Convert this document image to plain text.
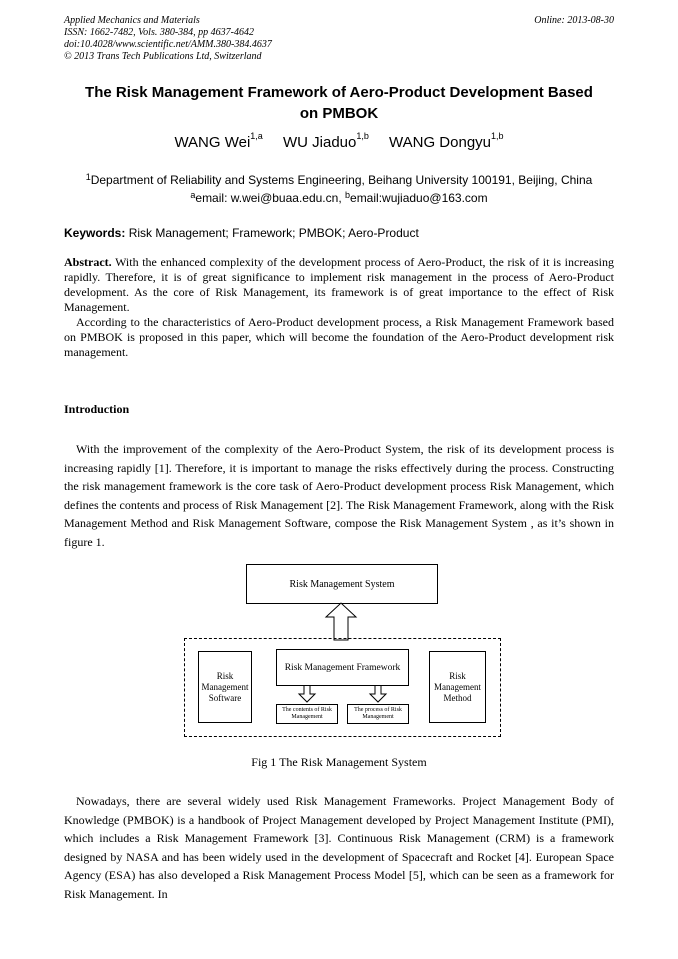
Applied Mechanics and Materials
ISSN: 1662-7482, Vols. 380-384, pp 4637-4642
doi:10.4028/www.scientific.net/AMM.380-384.4637
© 2013 Trans Tech Publications Ltd, Switzerland
Online: 2013-08-30
The Risk Management Framework of Aero-Product Development Based
on PMBOK
WANG Wei$^{1,a}$ WU Jiaduo$^{1,b}$ WANG Dongyu$^{1,b}$
$^1$Department of Reliability and Systems Engineering, Beihang University 100191, Beijing, China
$^a$email: w.wei@buaa.edu.cn, $^b$email:wujiaduo@163.com
Keywords: Risk Management; Framework; PMBOK; Aero-Product

Abstract. With the enhanced complexity of the development process of Aero-Product, the risk of it is increasing rapidly. Therefore, it is of great significance to implement risk management in the process of Aero-Product development. As the core of Risk Management, its framework is of great importance to the effect of Risk Management.

According to the characteristics of Aero-Product development process, a Risk Management Framework based on PMBOK is proposed in this paper, which will become the foundation of the Aero-Product development risk management.

Introduction

With the improvement of the complexity of the Aero-Product System, the risk of its development process is increasing rapidly [1]. Therefore, it is important to manage the risks effectively during the process. Constructing the risk management framework is the core task of Aero-Product development process Risk Management, which defines the contents and process of Risk Management [2]. The Risk Management Framework, along with the Risk Management Method and Risk Management Software, compose the Risk Management System , as it’s shown in figure 1.

Risk Management System
Risk Management Software
Risk Management Framework
Risk Management Method
The contents of Risk Management
The process of Risk Management
Fig 1 The Risk Management System

Nowadays, there are several widely used Risk Management Frameworks. Project Management Body of Knowledge (PMBOK) is a handbook of Project Management developed by Project Management Institute (PMI), which includes a Risk Management Framework [3]. Continuous Risk Management (CRM) is a framework designed by NASA and has been widely used in the development of Spacecraft and Rocket [4]. European Space Agency (ESA) has also developed a Risk Management Process Model [5], which can be seen as a framework for Risk Management. In
